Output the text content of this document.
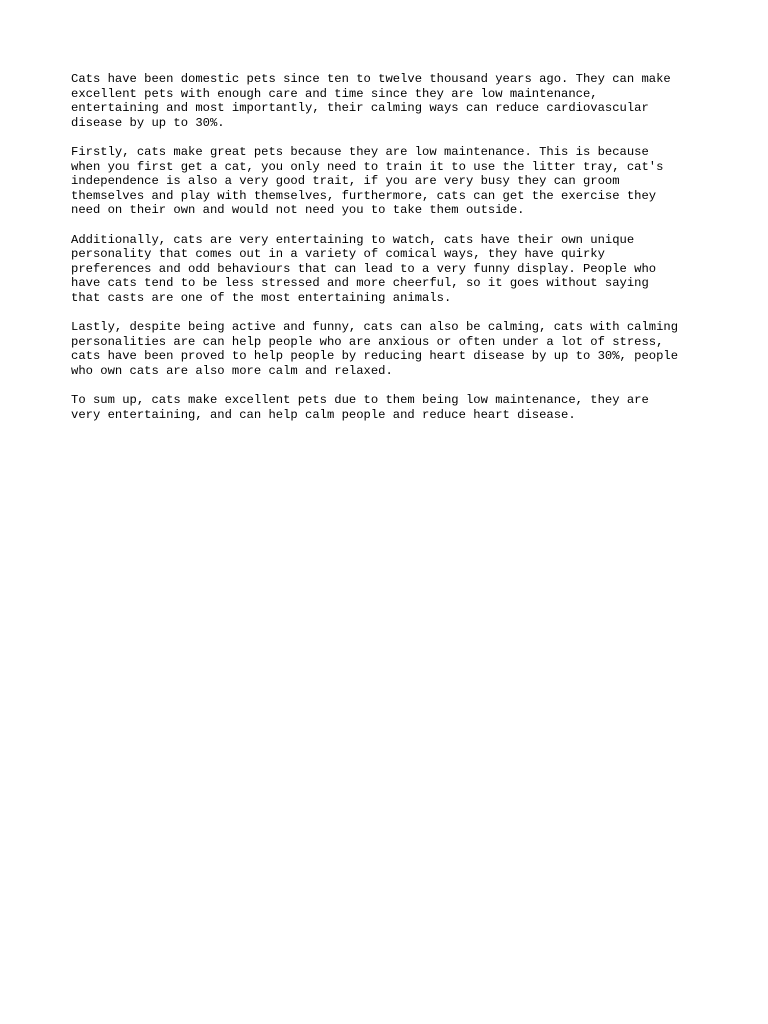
Cats have been domestic pets since ten to twelve thousand years ago. They can make
excellent pets with enough care and time since they are low maintenance,
entertaining and most importantly, their calming ways can reduce cardiovascular
disease by up to 30%.

Firstly, cats make great pets because they are low maintenance. This is because
when you first get a cat, you only need to train it to use the litter tray, cat's
independence is also a very good trait, if you are very busy they can groom
themselves and play with themselves, furthermore, cats can get the exercise they
need on their own and would not need you to take them outside.

Additionally, cats are very entertaining to watch, cats have their own unique
personality that comes out in a variety of comical ways, they have quirky
preferences and odd behaviours that can lead to a very funny display. People who
have cats tend to be less stressed and more cheerful, so it goes without saying
that casts are one of the most entertaining animals.

Lastly, despite being active and funny, cats can also be calming, cats with calming
personalities are can help people who are anxious or often under a lot of stress,
cats have been proved to help people by reducing heart disease by up to 30%, people
who own cats are also more calm and relaxed.

To sum up, cats make excellent pets due to them being low maintenance, they are
very entertaining, and can help calm people and reduce heart disease.
